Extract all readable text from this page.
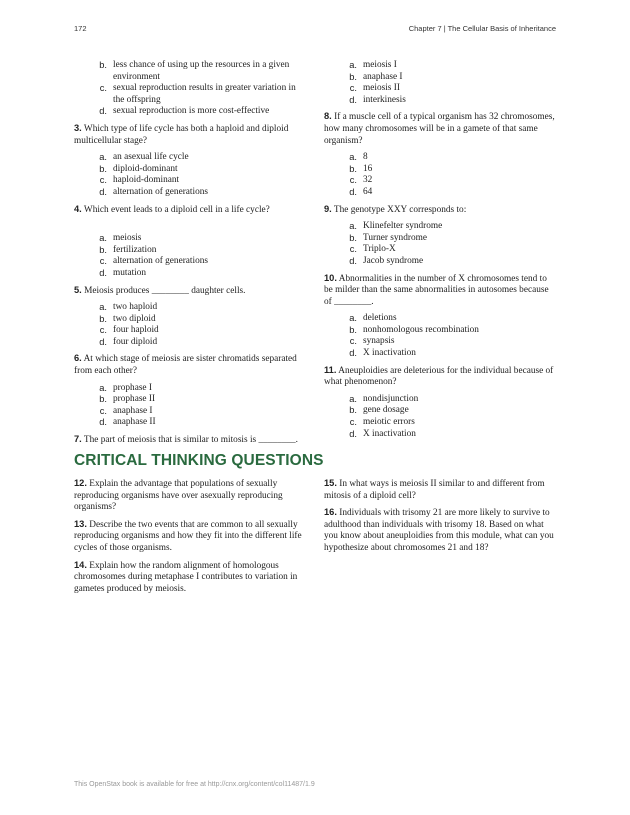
172	Chapter 7 | The Cellular Basis of Inheritance
b. less chance of using up the resources in a given environment
c. sexual reproduction results in greater variation in the offspring
d. sexual reproduction is more cost-effective

3. Which type of life cycle has both a haploid and diploid multicellular stage?

a. an asexual life cycle
b. diploid-dominant
c. haploid-dominant
d. alternation of generations

4. Which event leads to a diploid cell in a life cycle?

a. meiosis
b. fertilization
c. alternation of generations
d. mutation

5. Meiosis produces ________ daughter cells.

a. two haploid
b. two diploid
c. four haploid
d. four diploid

6. At which stage of meiosis are sister chromatids separated from each other?

a. prophase I
b. prophase II
c. anaphase I
d. anaphase II

7. The part of meiosis that is similar to mitosis is ________.

a. meiosis I
b. anaphase I
c. meiosis II
d. interkinesis

8. If a muscle cell of a typical organism has 32 chromosomes, how many chromosomes will be in a gamete of that same organism?

a. 8
b. 16
c. 32
d. 64

9. The genotype XXY corresponds to:

a. Klinefelter syndrome
b. Turner syndrome
c. Triplo-X
d. Jacob syndrome

10. Abnormalities in the number of X chromosomes tend to be milder than the same abnormalities in autosomes because of ________.

a. deletions
b. nonhomologous recombination
c. synapsis
d. X inactivation

11. Aneuploidies are deleterious for the individual because of what phenomenon?

a. nondisjunction
b. gene dosage
c. meiotic errors
d. X inactivation
CRITICAL THINKING QUESTIONS

12. Explain the advantage that populations of sexually reproducing organisms have over asexually reproducing organisms?

13. Describe the two events that are common to all sexually reproducing organisms and how they fit into the different life cycles of those organisms.

14. Explain how the random alignment of homologous chromosomes during metaphase I contributes to variation in gametes produced by meiosis.

15. In what ways is meiosis II similar to and different from mitosis of a diploid cell?

16. Individuals with trisomy 21 are more likely to survive to adulthood than individuals with trisomy 18. Based on what you know about aneuploidies from this module, what can you hypothesize about chromosomes 21 and 18?

This OpenStax book is available for free at http://cnx.org/content/col11487/1.9
